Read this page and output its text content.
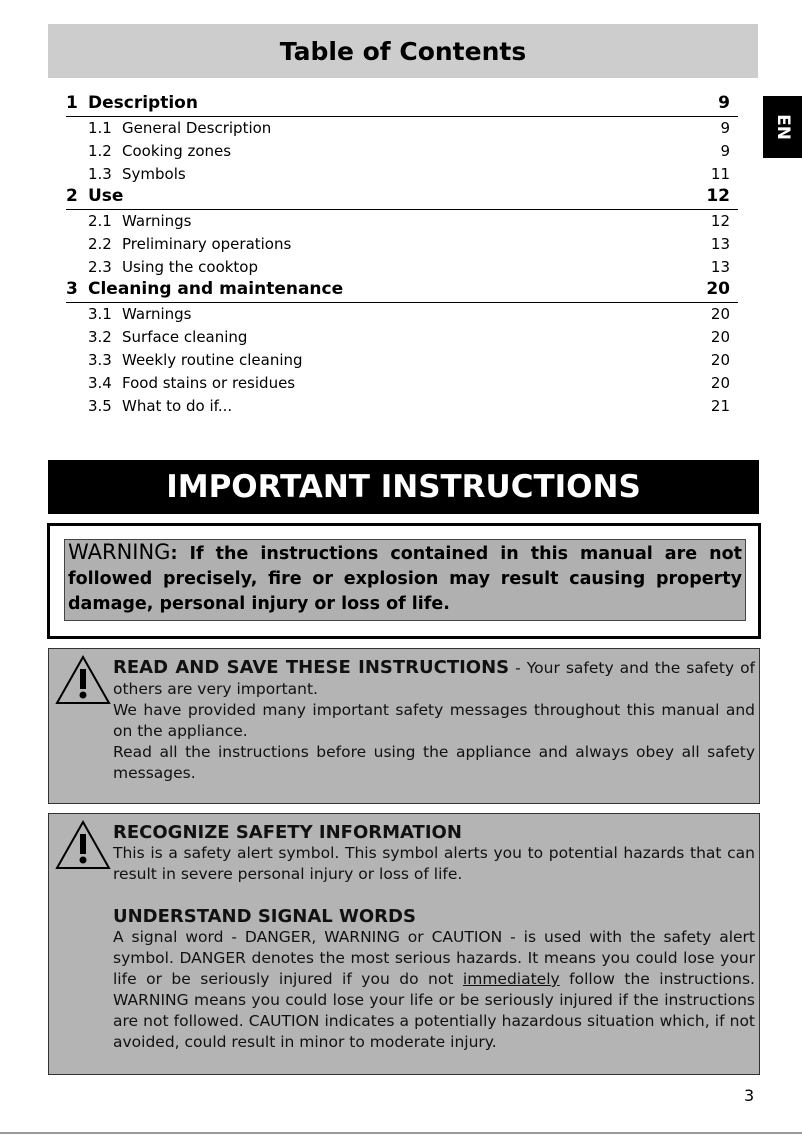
Table of Contents
EN
1 Description	9
1.1 General Description	9
1.2 Cooking zones	9
1.3 Symbols	11
2 Use	12
2.1 Warnings	12
2.2 Preliminary operations	13
2.3 Using the cooktop	13
3 Cleaning and maintenance	20
3.1 Warnings	20
3.2 Surface cleaning	20
3.3 Weekly routine cleaning	20
3.4 Food stains or residues	20
3.5 What to do if...	21
IMPORTANT INSTRUCTIONS
WARNING: If the instructions contained in this manual are not followed precisely, fire or explosion may result causing property damage, personal injury or loss of life.
READ AND SAVE THESE INSTRUCTIONS - Your safety and the safety of others are very important.
We have provided many important safety messages throughout this manual and on the appliance.
Read all the instructions before using the appliance and always obey all safety messages.
RECOGNIZE SAFETY INFORMATION
This is a safety alert symbol. This symbol alerts you to potential hazards that can result in severe personal injury or loss of life.
UNDERSTAND SIGNAL WORDS
A signal word - DANGER, WARNING or CAUTION - is used with the safety alert symbol. DANGER denotes the most serious hazards. It means you could lose your life or be seriously injured if you do not immediately follow the instructions. WARNING means you could lose your life or be seriously injured if the instructions are not followed. CAUTION indicates a potentially hazardous situation which, if not avoided, could result in minor to moderate injury.
3
